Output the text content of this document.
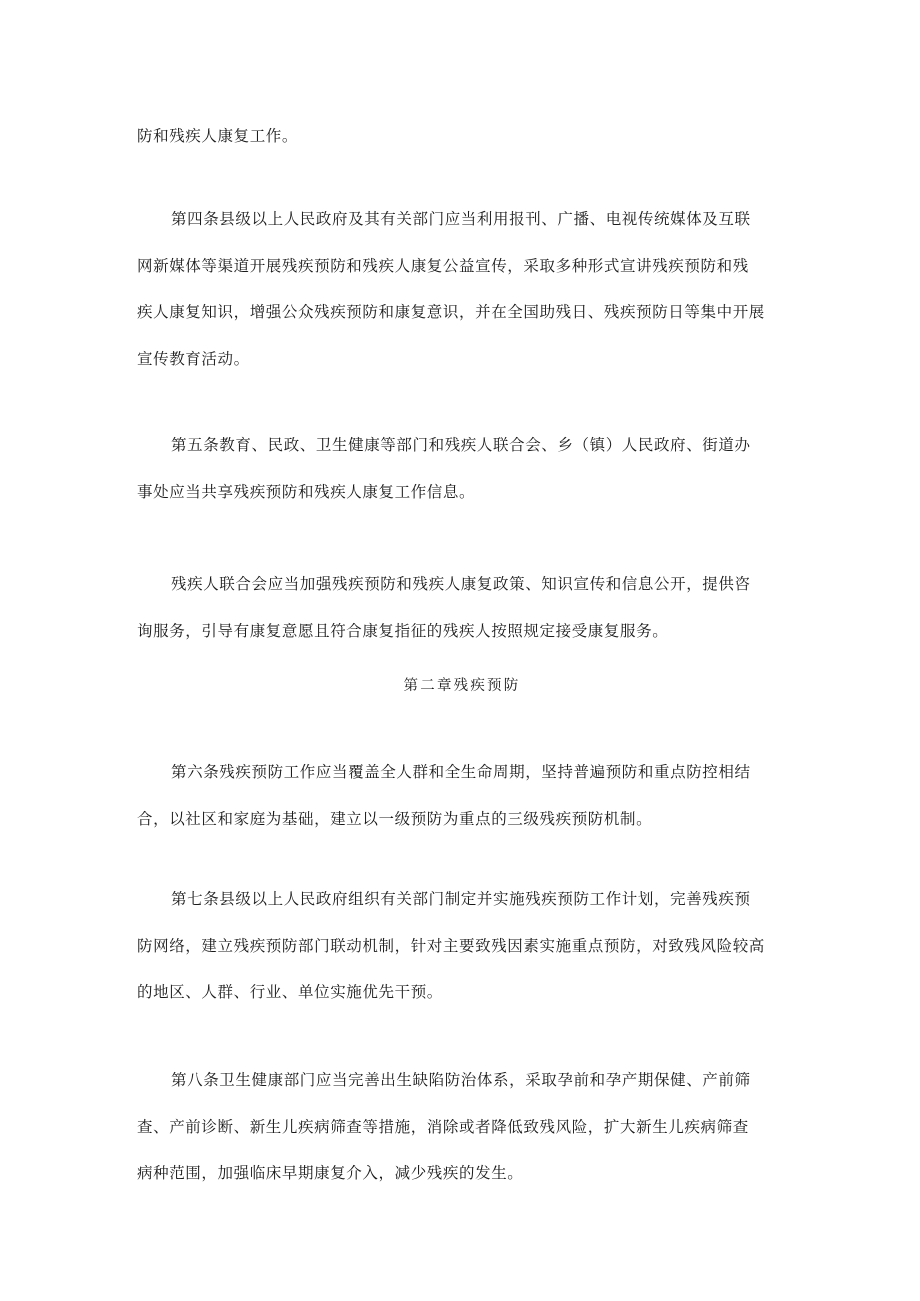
防和残疾人康复工作。

第四条县级以上人民政府及其有关部门应当利用报刊、广播、电视传统媒体及互联
网新媒体等渠道开展残疾预防和残疾人康复公益宣传，采取多种形式宣讲残疾预防和残
疾人康复知识，增强公众残疾预防和康复意识，并在全国助残日、残疾预防日等集中开展
宣传教育活动。

第五条教育、民政、卫生健康等部门和残疾人联合会、乡（镇）人民政府、街道办
事处应当共享残疾预防和残疾人康复工作信息。

残疾人联合会应当加强残疾预防和残疾人康复政策、知识宣传和信息公开，提供咨
询服务，引导有康复意愿且符合康复指征的残疾人按照规定接受康复服务。

第二章残疾预防

第六条残疾预防工作应当覆盖全人群和全生命周期，坚持普遍预防和重点防控相结
合，以社区和家庭为基础，建立以一级预防为重点的三级残疾预防机制。

第七条县级以上人民政府组织有关部门制定并实施残疾预防工作计划，完善残疾预
防网络，建立残疾预防部门联动机制，针对主要致残因素实施重点预防，对致残风险较高
的地区、人群、行业、单位实施优先干预。

第八条卫生健康部门应当完善出生缺陷防治体系，采取孕前和孕产期保健、产前筛
查、产前诊断、新生儿疾病筛查等措施，消除或者降低致残风险，扩大新生儿疾病筛查
病种范围，加强临床早期康复介入，减少残疾的发生。
